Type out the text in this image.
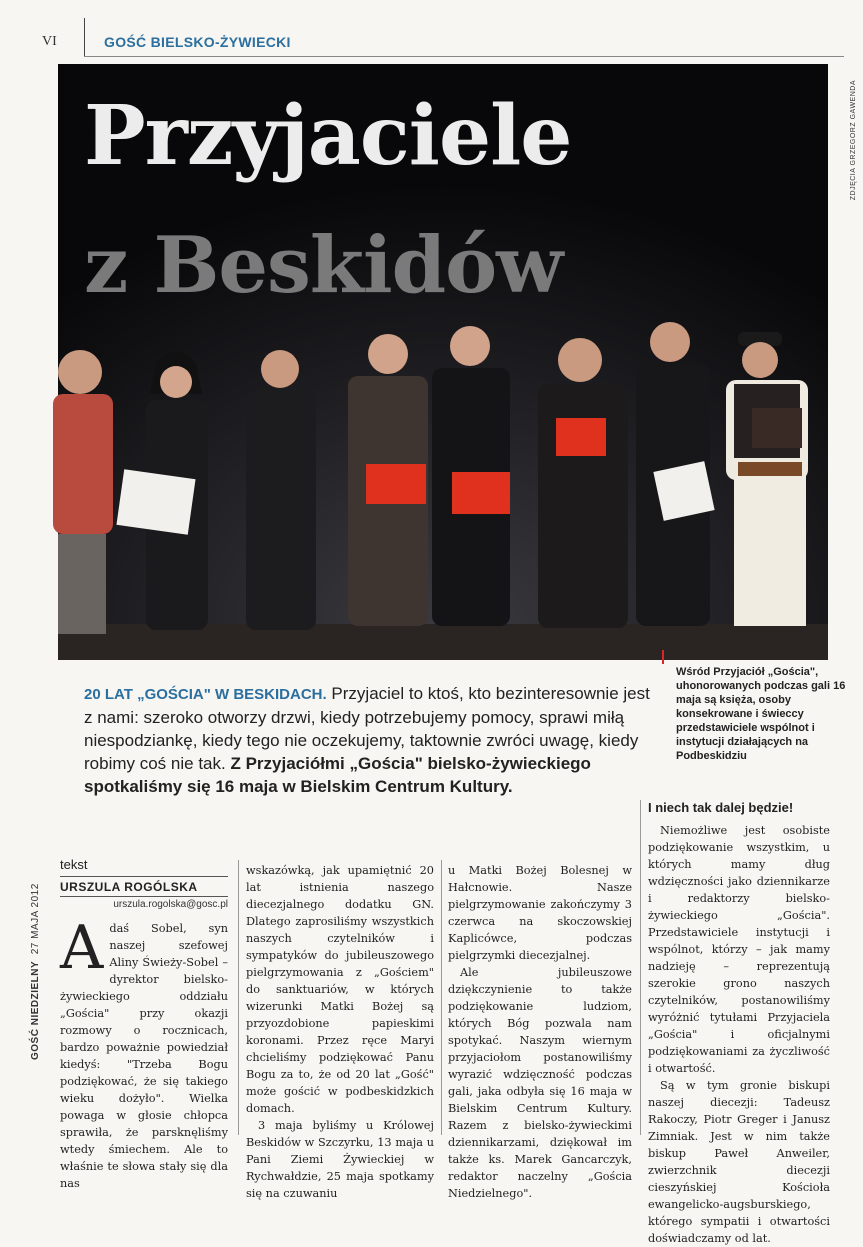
VI	GOŚĆ BIELSKO-ŻYWIECKI
Przyjaciele
z Beskidów
ZDJĘCIA GRZEGORZ GAWENDA
Wśród Przyjaciół „Gościa", uhonorowanych podczas gali 16 maja są księża, osoby konsekrowane i świeccy przedstawiciele wspólnot i instytucji działających na Podbeskidziu
20 LAT „GOŚCIA" W BESKIDACH. Przyjaciel to ktoś, kto bezinteresownie jest z nami: szeroko otworzy drzwi, kiedy potrzebujemy pomocy, sprawi miłą niespodziankę, kiedy tego nie oczekujemy, taktownie zwróci uwagę, kiedy robimy coś nie tak. Z Przyjaciółmi „Gościa" bielsko-żywieckiego spotkaliśmy się 16 maja w Bielskim Centrum Kultury.
tekst
URSZULA ROGÓLSKA
urszula.rogolska@gosc.pl
Adaś Sobel, syn naszej szefowej Aliny Świeży-Sobel – dyrektor bielsko-żywieckiego oddziału „Gościa" przy okazji rozmowy o rocznicach, bardzo poważnie powiedział kiedyś: "Trzeba Bogu podziękować, że się takiego wieku dożyło". Wielka powaga w głosie chłopca sprawiła, że parsknęliśmy wtedy śmiechem. Ale to właśnie te słowa stały się dla nas
wskazówką, jak upamiętnić 20 lat istnienia naszego diecezjalnego dodatku GN. Dlatego zaprosiliśmy wszystkich naszych czytelników i sympatyków do jubileuszowego pielgrzymowania z „Gościem" do sanktuariów, w których wizerunki Matki Bożej są przyozdobione papieskimi koronami. Przez ręce Maryi chcieliśmy podziękować Panu Bogu za to, że od 20 lat „Gość" może gościć w podbeskidzkich domach.
3 maja byliśmy u Królowej Beskidów w Szczyrku, 13 maja u Pani Ziemi Żywieckiej w Rychwałdzie, 25 maja spotkamy się na czuwaniu
u Matki Bożej Bolesnej w Hałcnowie. Nasze pielgrzymowanie zakończymy 3 czerwca na skoczowskiej Kaplicówce, podczas pielgrzymki diecezjalnej.
Ale jubileuszowe dziękczynienie to także podziękowanie ludziom, których Bóg pozwala nam spotykać. Naszym wiernym przyjaciołom postanowiliśmy wyrazić wdzięczność podczas gali, jaka odbyła się 16 maja w Bielskim Centrum Kultury. Razem z bielsko-żywieckimi dziennikarzami, dziękował im także ks. Marek Gancarczyk, redaktor naczelny „Gościa Niedzielnego".
I niech tak dalej będzie!
Niemożliwe jest osobiste podziękowanie wszystkim, u których mamy dług wdzięczności jako dziennikarze i redaktorzy bielsko-żywieckiego „Gościa". Przedstawiciele instytucji i wspólnot, którzy – jak mamy nadzieję – reprezentują szerokie grono naszych czytelników, postanowiliśmy wyróżnić tytułami Przyjaciela „Gościa" i oficjalnymi podziękowaniami za życzliwość i otwartość.
Są w tym gronie biskupi naszej diecezji: Tadeusz Rakoczy, Piotr Greger i Janusz Zimniak. Jest w nim także biskup Paweł Anweiler, zwierzchnik diecezji cieszyńskiej Kościoła ewangelicko-augsburskiego, którego sympatii i otwartości doświadczamy od lat.
GOŚĆ NIEDZIELNY  27 MAJA 2012
